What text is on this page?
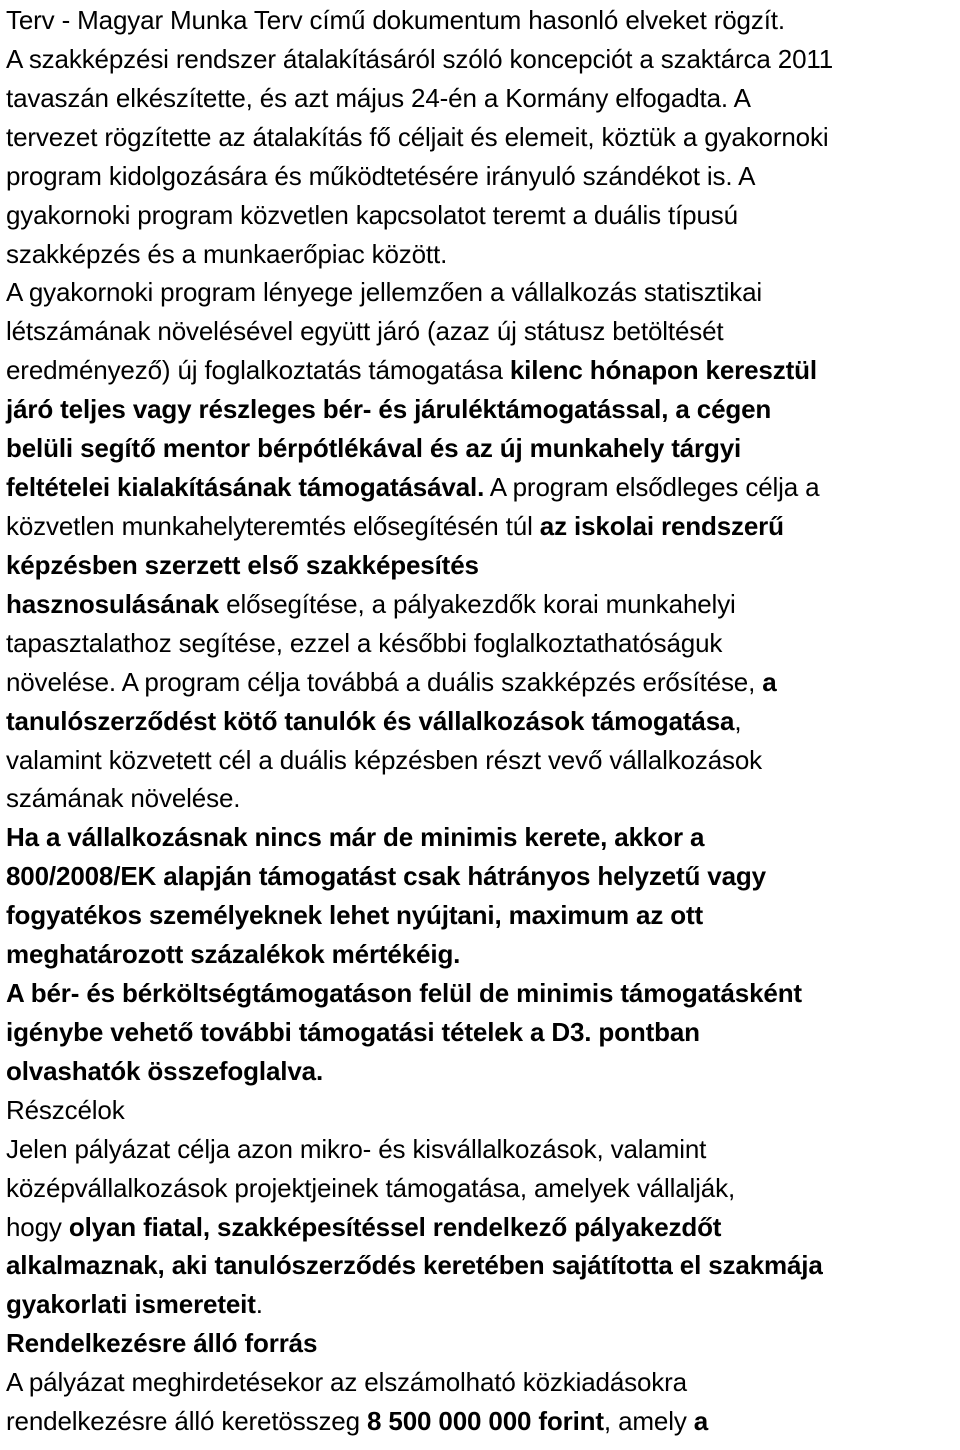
Terv - Magyar Munka Terv című dokumentum hasonló elveket rögzít.
A szakképzési rendszer átalakításáról szóló koncepciót a szaktárca 2011
tavaszán elkészítette, és azt május 24-én a Kormány elfogadta. A
tervezet rögzítette az átalakítás fő céljait és elemeit, köztük a gyakornoki
program kidolgozására és működtetésére irányuló szándékot is. A
gyakornoki program közvetlen kapcsolatot teremt a duális típusú
szakképzés és a munkaerőpiac között.
A gyakornoki program lényege jellemzően a vállalkozás statisztikai
létszámának növelésével együtt járó (azaz új státusz betöltését
eredményező) új foglalkoztatás támogatása kilenc hónapon keresztül
járó teljes vagy részleges bér- és járuléktámogatással, a cégen
belüli segítő mentor bérpótlékával és az új munkahely tárgyi
feltételei kialakításának támogatásával. A program elsődleges célja a
közvetlen munkahelyteremtés elősegítésén túl az iskolai rendszerű
képzésben szerzett első szakképesítés
hasznosulásának elősegítése, a pályakezdők korai munkahelyi
tapasztalathoz segítése, ezzel a későbbi foglalkoztathatóságuk
növelése. A program célja továbbá a duális szakképzés erősítése, a
tanulószerződést kötő tanulók és vállalkozások támogatása,
valamint közvetett cél a duális képzésben részt vevő vállalkozások
számának növelése.
Ha a vállalkozásnak nincs már de minimis kerete, akkor a
800/2008/EK alapján támogatást csak hátrányos helyzetű vagy
fogyatékos személyeknek lehet nyújtani, maximum az ott
meghatározott százalékok mértékéig.
A bér- és bérköltségtámogatáson felül de minimis támogatásként
igénybe vehető további támogatási tételek a D3. pontban
olvashatók összefoglalva.
Részcélok
Jelen pályázat célja azon mikro- és kisvállalkozások, valamint
középvállalkozások projektjeinek támogatása, amelyek vállalják,
hogy olyan fiatal, szakképesítéssel rendelkező pályakezdőt
alkalmaznak, aki tanulószerződés keretében sajátította el szakmája
gyakorlati ismereteit.
Rendelkezésre álló forrás
A pályázat meghirdetésekor az elszámolható közkiadásokra
rendelkezésre álló keretösszeg 8 500 000 000 forint, amely a
